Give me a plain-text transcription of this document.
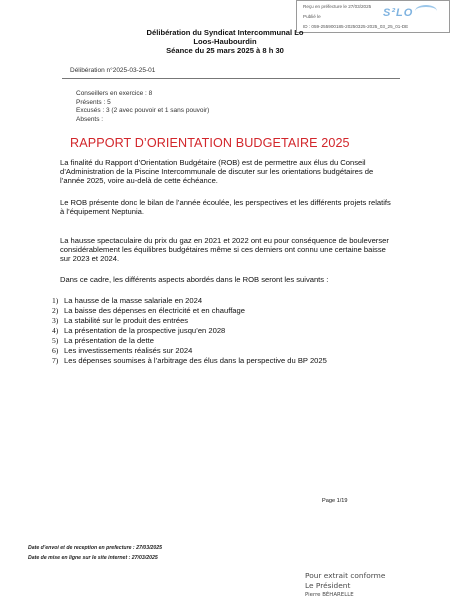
Reçu en préfecture le 27/03/2025
Publié le
ID : 059-255900185-20250325-2025_03_25_01-DE
S²LO
Délibération du Syndicat Intercommunal Lo
Loos-Haubourdin
Séance du 25 mars 2025 à 8 h 30
Délibération n°2025-03-25-01
Conseillers en exercice : 8
Présents : 5
Excusés : 3 (2 avec pouvoir et 1 sans pouvoir)
Absents :
RAPPORT D’ORIENTATION BUDGETAIRE 2025
La finalité du Rapport d’Orientation Budgétaire (ROB) est de permettre aux élus du Conseil d’Administration de la Piscine Intercommunale de discuter sur les orientations budgétaires de l’année 2025, voire au-delà de cette échéance.
Le ROB présente donc le bilan de l’année écoulée, les perspectives et les différents projets relatifs à l’équipement Neptunia.
La hausse spectaculaire du prix du gaz en 2021 et 2022 ont eu pour conséquence de bouleverser considérablement les équilibres budgétaires même si ces derniers ont connu une certaine baisse sur 2023 et 2024.
Dans ce cadre, les différents aspects abordés dans le ROB seront les suivants :
1) La hausse de la masse salariale en 2024
2) La baisse des dépenses en électricité et en chauffage
3) La stabilité sur le produit des entrées
4) La présentation de la prospective jusqu’en 2028
5) La présentation de la dette
6) Les investissements réalisés sur 2024
7) Les dépenses soumises à l’arbitrage des élus dans la perspective du BP 2025
Page 1/19
Date d’envoi et de reception en prefecture : 27/03/2025
Date de mise en ligne sur le site internet : 27/03/2025
Pour extrait conforme
Le Président
Pierre BÉHARELLE
